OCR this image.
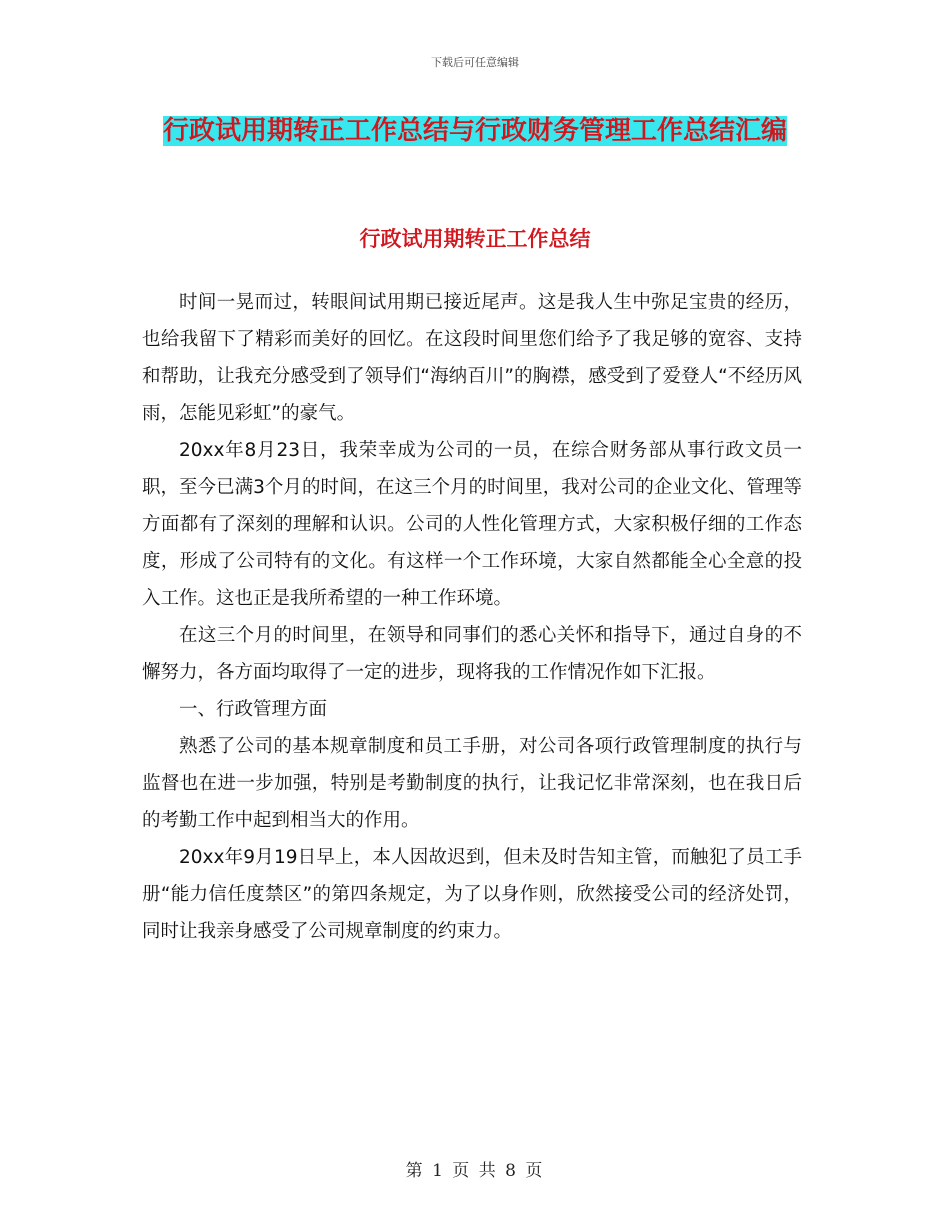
下载后可任意编辑
行政试用期转正工作总结与行政财务管理工作总结汇编
行政试用期转正工作总结

时间一晃而过，转眼间试用期已接近尾声。这是我人生中弥足宝贵的经历，也给我留下了精彩而美好的回忆。在这段时间里您们给予了我足够的宽容、支持和帮助，让我充分感受到了领导们“海纳百川”的胸襟，感受到了爱登人“不经历风雨，怎能见彩虹”的豪气。

20xx年8月23日，我荣幸成为公司的一员，在综合财务部从事行政文员一职，至今已满3个月的时间，在这三个月的时间里，我对公司的企业文化、管理等方面都有了深刻的理解和认识。公司的人性化管理方式，大家积极仔细的工作态度，形成了公司特有的文化。有这样一个工作环境，大家自然都能全心全意的投入工作。这也正是我所希望的一种工作环境。

在这三个月的时间里，在领导和同事们的悉心关怀和指导下，通过自身的不懈努力，各方面均取得了一定的进步，现将我的工作情况作如下汇报。

一、行政管理方面

熟悉了公司的基本规章制度和员工手册，对公司各项行政管理制度的执行与监督也在进一步加强，特别是考勤制度的执行，让我记忆非常深刻，也在我日后的考勤工作中起到相当大的作用。

20xx年9月19日早上，本人因故迟到，但未及时告知主管，而触犯了员工手册“能力信任度禁区”的第四条规定，为了以身作则，欣然接受公司的经济处罚，同时让我亲身感受了公司规章制度的约束力。

第 1 页 共 8 页
